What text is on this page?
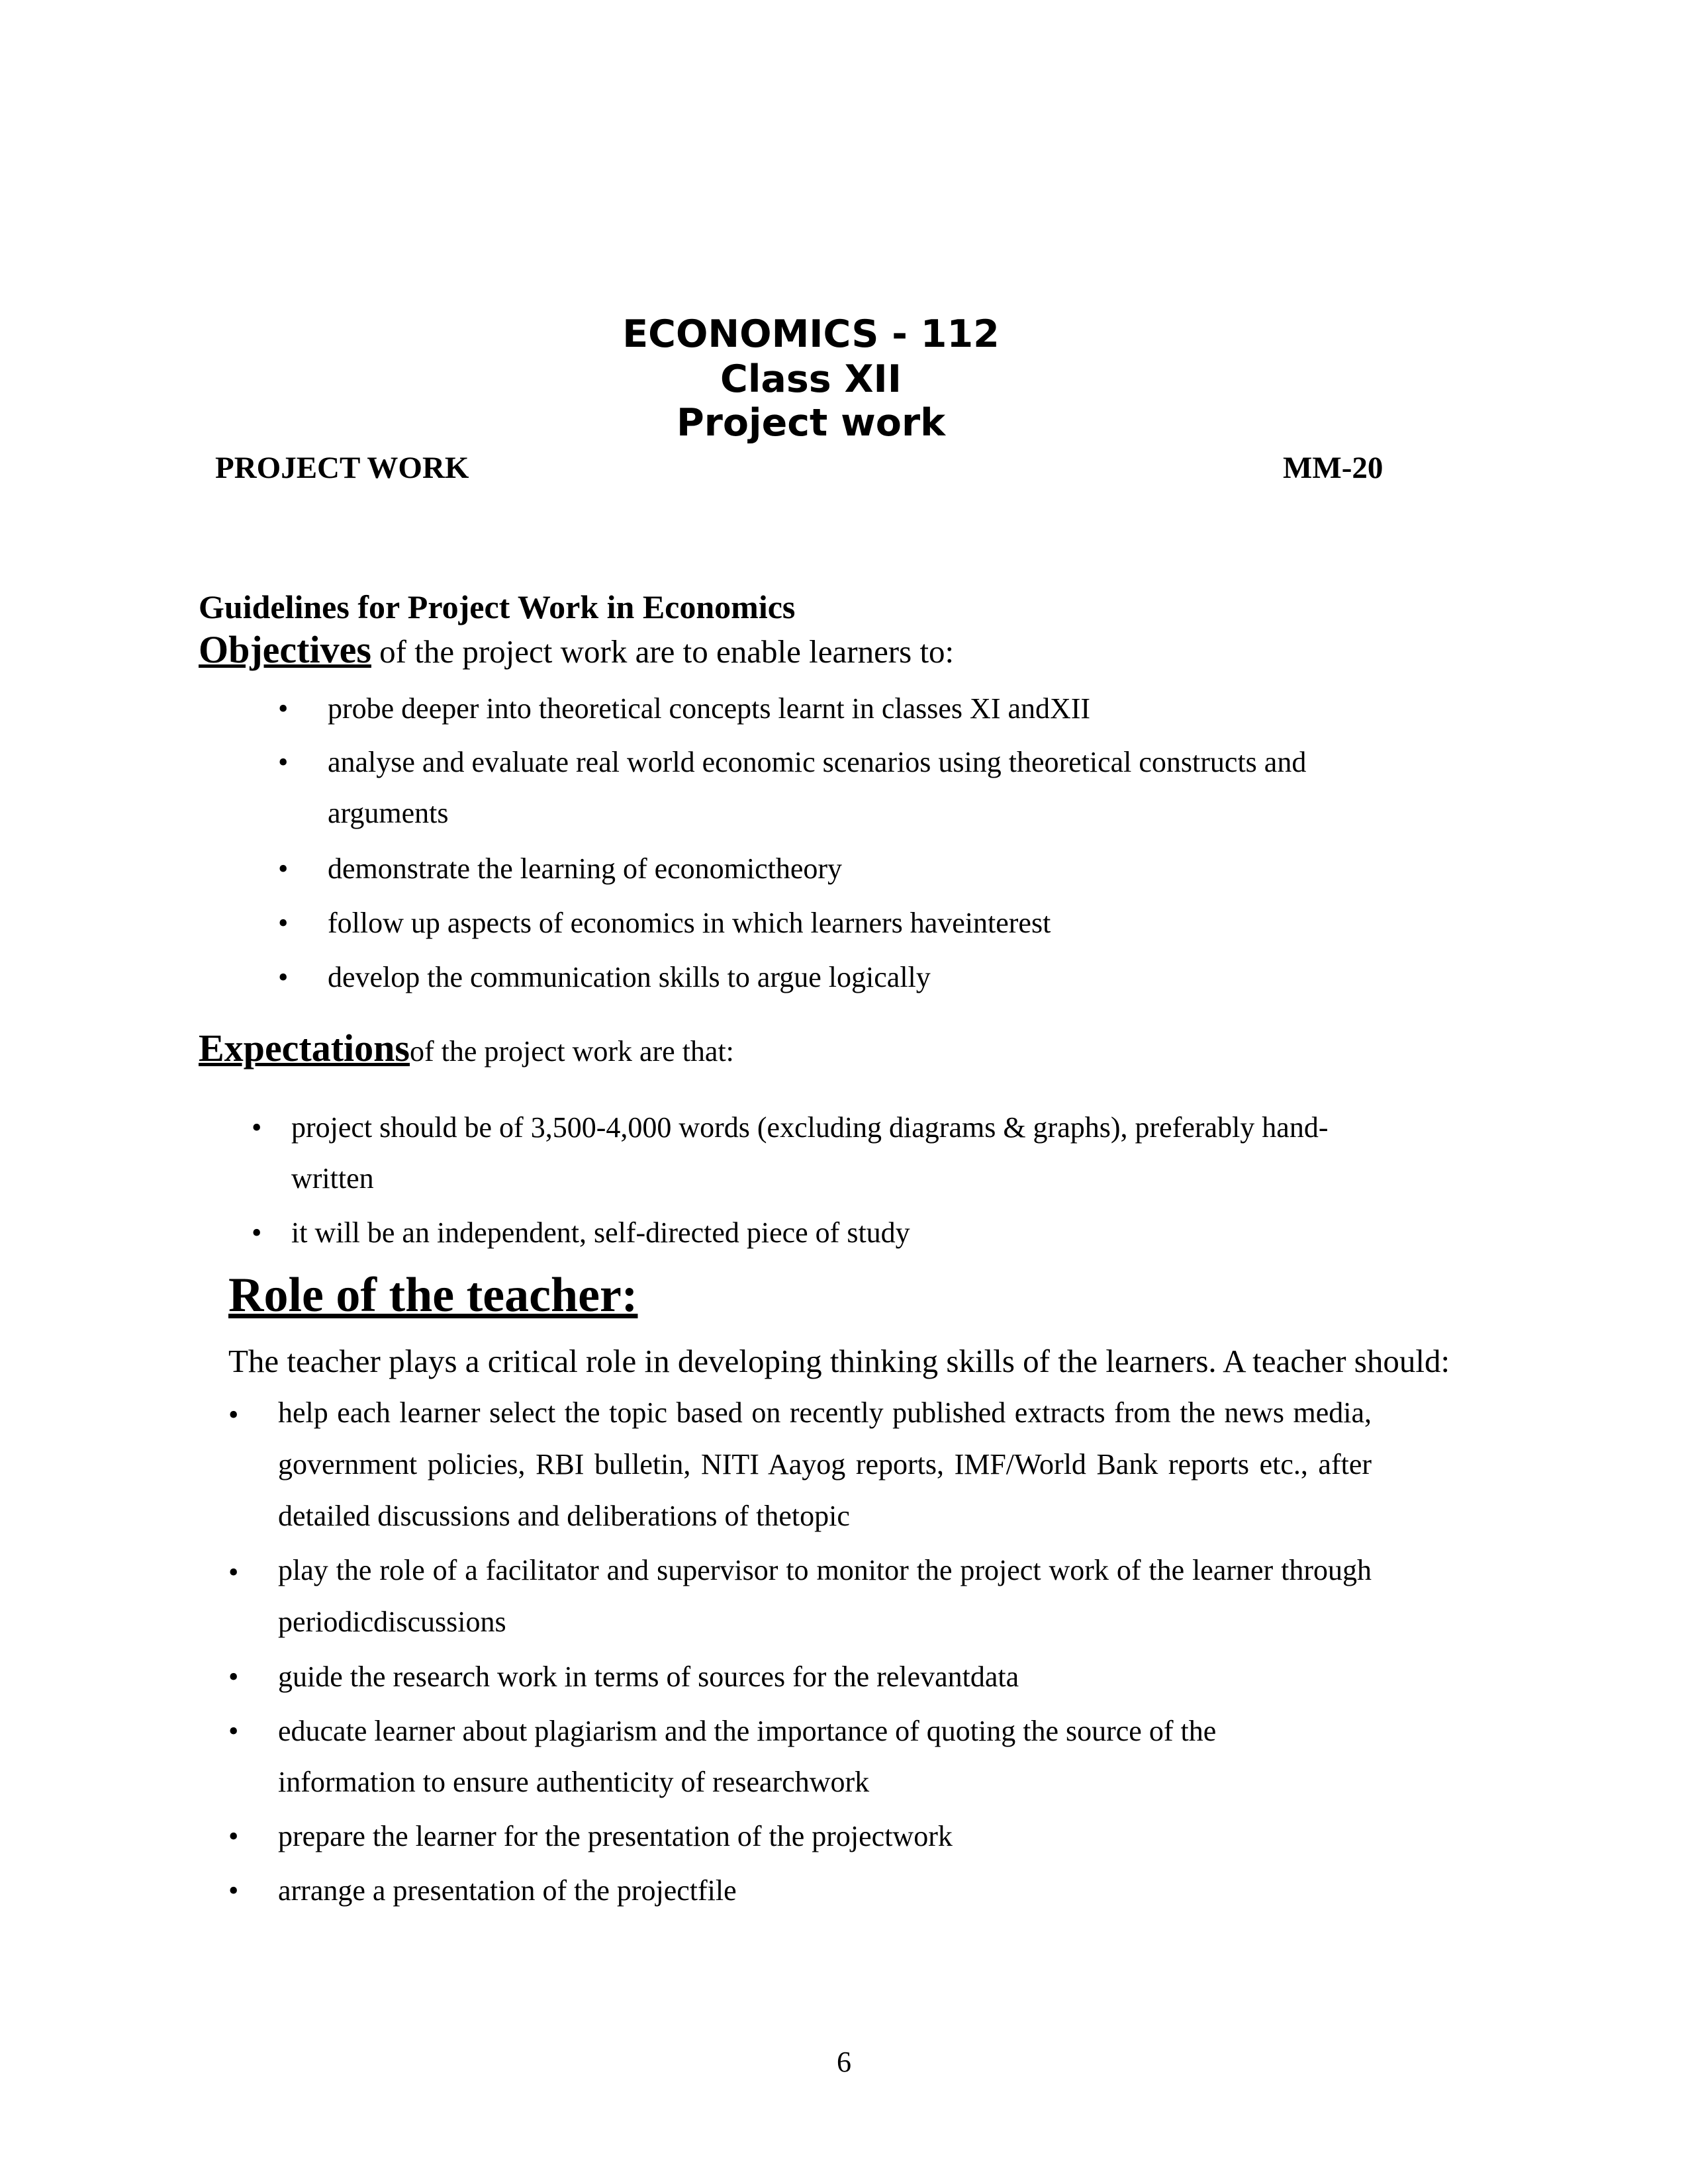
ECONOMICS - 112
Class XII
Project work
PROJECT WORK	MM-20
Guidelines for Project Work in Economics
Objectives of the project work are to enable learners to:
• probe deeper into theoretical concepts learnt in classes XI andXII
• analyse and evaluate real world economic scenarios using theoretical constructs and
arguments
• demonstrate the learning of economictheory
• follow up aspects of economics in which learners haveinterest
• develop the communication skills to argue logically
Expectationsof the project work are that:
• project should be of 3,500-4,000 words (excluding diagrams & graphs), preferably hand-
written
• it will be an independent, self-directed piece of study
Role of the teacher:
The teacher plays a critical role in developing thinking skills of the learners. A teacher should:
• help each learner select the topic based on recently published extracts from the news media, government policies, RBI bulletin, NITI Aayog reports, IMF/World Bank reports etc., after detailed discussions and deliberations of thetopic
• play the role of a facilitator and supervisor to monitor the project work of the learner through periodicdiscussions
• guide the research work in terms of sources for the relevantdata
• educate learner about plagiarism and the importance of quoting the source of the
information to ensure authenticity of researchwork
• prepare the learner for the presentation of the projectwork
• arrange a presentation of the projectfile
6
